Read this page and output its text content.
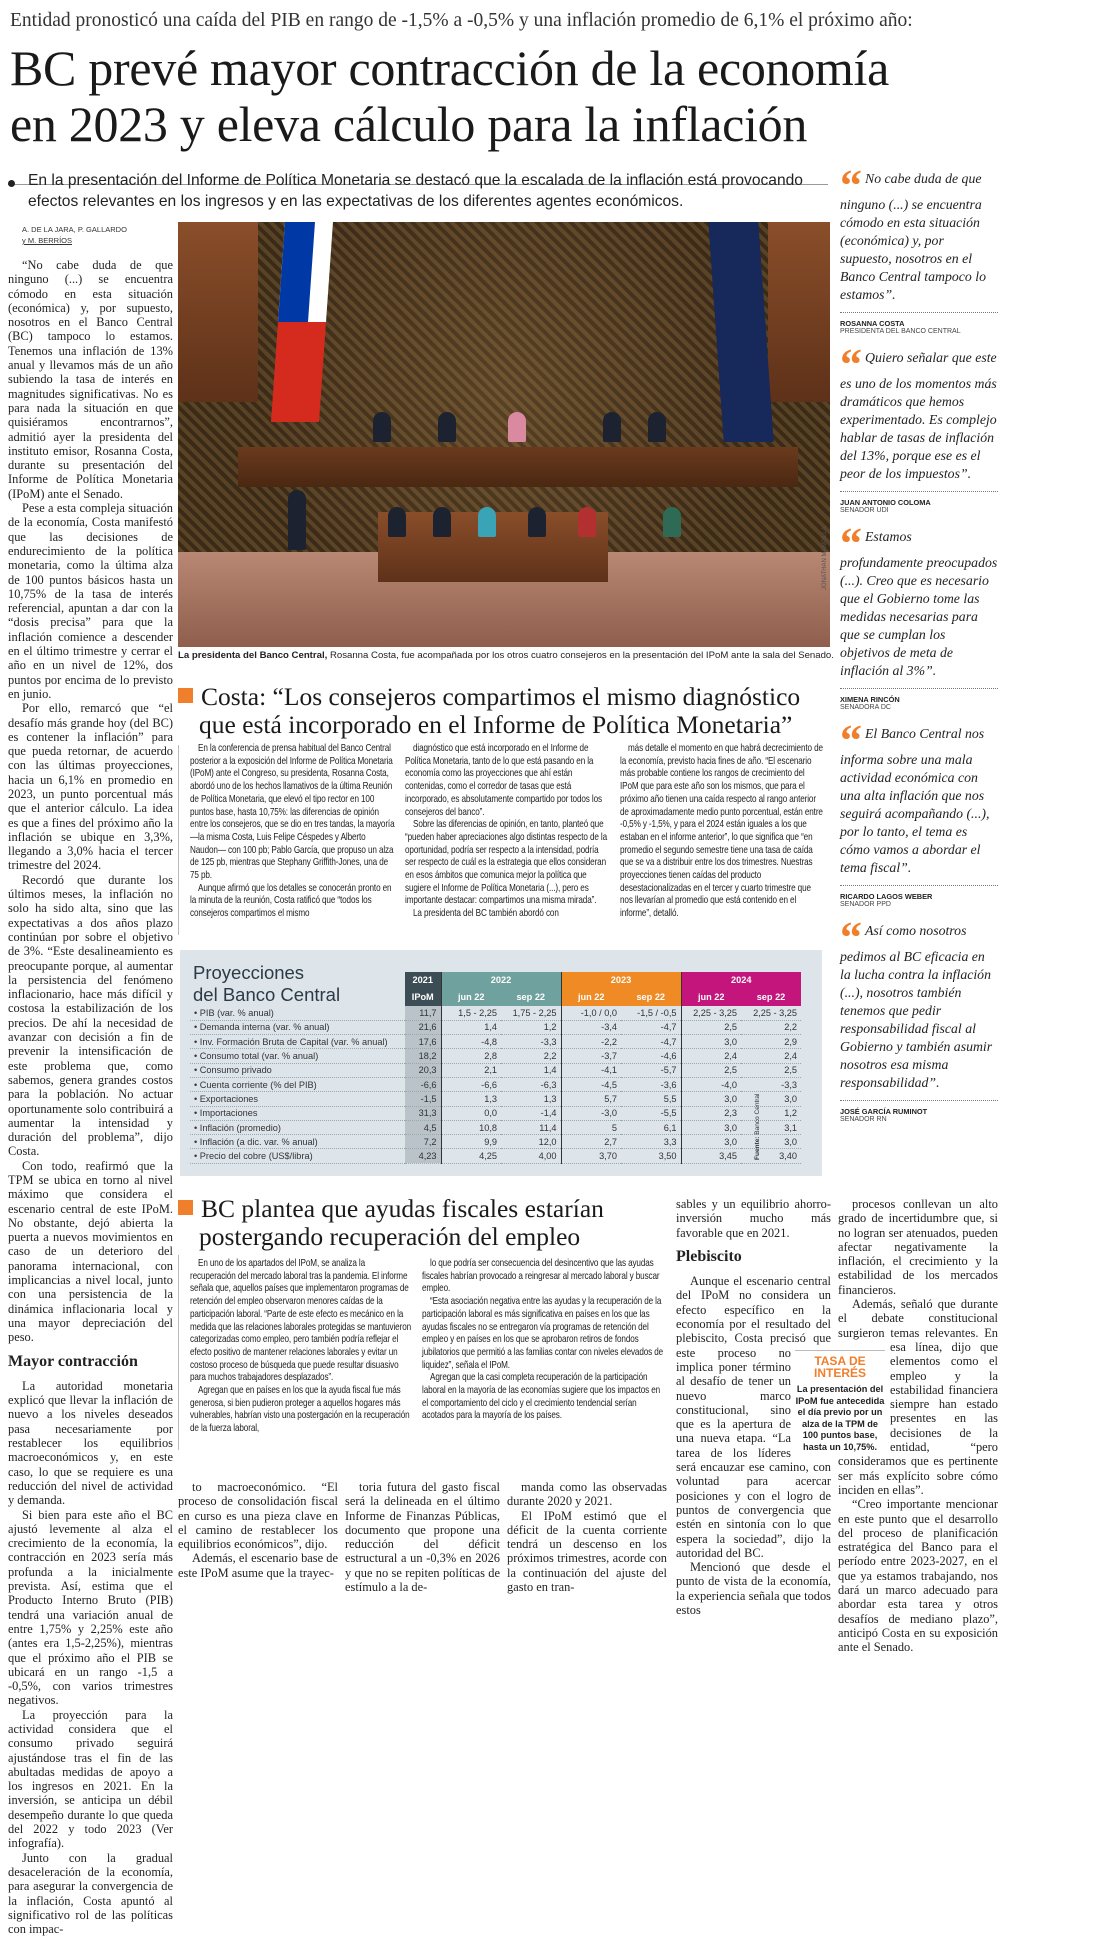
Entidad pronosticó una caída del PIB en rango de -1,5% a -0,5% y una inflación promedio de 6,1% el próximo año:
BC prevé mayor contracción de la economía
en 2023 y eleva cálculo para la inflación
En la presentación del Informe de Política Monetaria se destacó que la escalada de la inflación está provocando efectos relevantes en los ingresos y en las expectativas de los diferentes agentes económicos.
A. DE LA JARA, P. GALLARDO
y M. BERRÍOS

“No cabe duda de que ninguno (...) se encuentra cómodo en esta situación (económica) y, por supuesto, nosotros en el Banco Central (BC) tampoco lo estamos. Tenemos una inflación de 13% anual y llevamos más de un año subiendo la tasa de interés en magnitudes significativas. No es para nada la situación en que quisiéramos encontrarnos”, admitió ayer la presidenta del instituto emisor, Rosanna Costa, durante su presentación del Informe de Política Monetaria (IPoM) ante el Senado.

Pese a esta compleja situación de la economía, Costa manifestó que las decisiones de endurecimiento de la política monetaria, como la última alza de 100 puntos básicos hasta un 10,75% de la tasa de interés referencial, apuntan a dar con la “dosis precisa” para que la inflación comience a descender en el último trimestre y cerrar el año en un nivel de 12%, dos puntos por encima de lo previsto en junio.

Por ello, remarcó que “el desafío más grande hoy (del BC) es contener la inflación” para que pueda retornar, de acuerdo con las últimas proyecciones, hacia un 6,1% en promedio en 2023, un punto porcentual más que el anterior cálculo. La idea es que a fines del próximo año la inflación se ubique en 3,3%, llegando a 3,0% hacia el tercer trimestre del 2024.

Recordó que durante los últimos meses, la inflación no solo ha sido alta, sino que las expectativas a dos años plazo continúan por sobre el objetivo de 3%. “Este desalineamiento es preocupante porque, al aumentar la persistencia del fenómeno inflacionario, hace más difícil y costosa la estabilización de los precios. De ahí la necesidad de avanzar con decisión a fin de prevenir la intensificación de este problema que, como sabemos, genera grandes costos para la población. No actuar oportunamente solo contribuirá a aumentar la intensidad y duración del problema”, dijo Costa.

Con todo, reafirmó que la TPM se ubica en torno al nivel máximo que considera el escenario central de este IPoM. No obstante, dejó abierta la puerta a nuevos movimientos en caso de un deterioro del panorama internacional, con implicancias a nivel local, junto con una persistencia de la dinámica inflacionaria local y una mayor depreciación del peso.

Mayor contracción

La autoridad monetaria explicó que llevar la inflación de nuevo a los niveles deseados pasa necesariamente por restablecer los equilibrios macroeconómicos y, en este caso, lo que se requiere es una reducción del nivel de actividad y demanda.

Si bien para este año el BC ajustó levemente al alza el crecimiento de la economía, la contracción en 2023 sería más profunda a la inicialmente prevista. Así, estima que el Producto Interno Bruto (PIB) tendrá una variación anual de entre 1,75% y 2,25% este año (antes era 1,5-2,25%), mientras que el próximo año el PIB se ubicará en un rango -1,5 a -0,5%, con varios trimestres negativos.

La proyección para la actividad considera que el consumo privado seguirá ajustándose tras el fin de las abultadas medidas de apoyo a los ingresos en 2021. En la inversión, se anticipa un débil desempeño durante lo que queda del 2022 y todo 2023 (Ver infografía).

Junto con la gradual desaceleración de la economía, para asegurar la convergencia de la inflación, Costa apuntó al significativo rol de las políticas con impac-

JONATHAN MANCILLA
La presidenta del Banco Central, Rosanna Costa, fue acompañada por los otros cuatro consejeros en la presentación del IPoM ante la sala del Senado.
Costa: “Los consejeros compartimos el mismo diagnóstico
que está incorporado en el Informe de Política Monetaria”

En la conferencia de prensa habitual del Banco Central posterior a la exposición del Informe de Política Monetaria (IPoM) ante el Congreso, su presidenta, Rosanna Costa, abordó uno de los hechos llamativos de la última Reunión de Política Monetaria, que elevó el tipo rector en 100 puntos base, hasta 10,75%: las diferencias de opinión entre los consejeros, que se dio en tres tandas, la mayoría —la misma Costa, Luis Felipe Céspedes y Alberto Naudon— con 100 pb; Pablo García, que propuso un alza de 125 pb, mientras que Stephany Griffith-Jones, una de 75 pb.

Aunque afirmó que los detalles se conocerán pronto en la minuta de la reunión, Costa ratificó que “todos los consejeros compartimos el mismo

diagnóstico que está incorporado en el Informe de Política Monetaria, tanto de lo que está pasando en la economía como las proyecciones que ahí están contenidas, como el corredor de tasas que está incorporado, es absolutamente compartido por todos los consejeros del banco”.

Sobre las diferencias de opinión, en tanto, planteó que “pueden haber apreciaciones algo distintas respecto de la oportunidad, podría ser respecto a la intensidad, podría ser respecto de cuál es la estrategia que ellos consideran en esos ámbitos que comunica mejor la política que sugiere el Informe de Política Monetaria (...), pero es importante destacar: compartimos una misma mirada”.

La presidenta del BC también abordó con

más detalle el momento en que habrá decrecimiento de la economía, previsto hacia fines de año. “El escenario más probable contiene los rangos de crecimiento del IPoM que para este año son los mismos, que para el próximo año tienen una caída respecto al rango anterior de aproximadamente medio punto porcentual, están entre -0,5% y -1,5%, y para el 2024 están iguales a los que estaban en el informe anterior”, lo que significa que “en promedio el segundo semestre tiene una tasa de caída que se va a distribuir entre los dos trimestres. Nuestras proyecciones tienen caídas del producto desestacionalizadas en el tercer y cuarto trimestre que nos llevarían al promedio que está contenido en el informe”, detalló.

Proyecciones
del Banco Central
	2021	2022		2023		2024	
	IPoM	jun 22	sep 22	jun 22	sep 22	jun 22	sep 22
• PIB (var. % anual)	11,7	1,5 - 2,25	1,75 - 2,25	-1,0 / 0,0	-1,5 / -0,5	2,25 - 3,25	2,25 - 3,25
• Demanda interna (var. % anual)	21,6	1,4	1,2	-3,4	-4,7	2,5	2,2
• Inv. Formación Bruta de Capital (var. % anual)	17,6	-4,8	-3,3	-2,2	-4,7	3,0	2,9
• Consumo total (var. % anual)	18,2	2,8	2,2	-3,7	-4,6	2,4	2,4
• Consumo privado	20,3	2,1	1,4	-4,1	-5,7	2,5	2,5
• Cuenta corriente (% del PIB)	-6,6	-6,6	-6,3	-4,5	-3,6	-4,0	-3,3
• Exportaciones	-1,5	1,3	1,3	5,7	5,5	3,0	3,0
• Importaciones	31,3	0,0	-1,4	-3,0	-5,5	2,3	1,2
• Inflación (promedio)	4,5	10,8	11,4	5	6,1	3,0	3,1
• Inflación (a dic. var. % anual)	7,2	9,9	12,0	2,7	3,3	3,0	3,0
• Precio del cobre (US$/libra)	4,23	4,25	4,00	3,70	3,50	3,45	3,40
Fuente: Banco Central
BC plantea que ayudas fiscales estarían
postergando recuperación del empleo

En uno de los apartados del IPoM, se analiza la recuperación del mercado laboral tras la pandemia. El informe señala que, aquellos países que implementaron programas de retención del empleo observaron menores caídas de la participación laboral. “Parte de este efecto es mecánico en la medida que las relaciones laborales protegidas se mantuvieron categorizadas como empleo, pero también podría reflejar el efecto positivo de mantener relaciones laborales y evitar un costoso proceso de búsqueda que puede resultar disuasivo para muchos trabajadores desplazados”.

Agregan que en países en los que la ayuda fiscal fue más generosa, si bien pudieron proteger a aquellos hogares más vulnerables, habrían visto una postergación en la recuperación de la fuerza laboral,

lo que podría ser consecuencia del desincentivo que las ayudas fiscales habrían provocado a reingresar al mercado laboral y buscar empleo.

“Esta asociación negativa entre las ayudas y la recuperación de la participación laboral es más significativa en países en los que las ayudas fiscales no se entregaron vía programas de retención del empleo y en países en los que se aprobaron retiros de fondos jubilatorios que permitió a las familias contar con niveles elevados de liquidez”, señala el IPoM.

Agregan que la casi completa recuperación de la participación laboral en la mayoría de las economías sugiere que los impactos en el comportamiento del ciclo y el crecimiento tendencial serían acotados para la mayoría de los países.

to macroeconómico. “El proceso de consolidación fiscal en curso es una pieza clave en el camino de restablecer los equilibrios económicos”, dijo.

Además, el escenario base de este IPoM asume que la trayec-

toria futura del gasto fiscal será la delineada en el último Informe de Finanzas Públicas, documento que propone una reducción del déficit estructural a un -0,3% en 2026 y que no se repiten políticas de estímulo a la de-

manda como las observadas durante 2020 y 2021.

El IPoM estimó que el déficit de la cuenta corriente tendrá un descenso en los próximos trimestres, acorde con la continuación del ajuste del gasto en tran-

sables y un equilibrio ahorro-inversión mucho más favorable que en 2021.

Plebiscito

Aunque el escenario central del IPoM no considera un efecto específico en la economía por el resultado del plebiscito, Costa precisó que este proceso no implica poner término al desafío de tener un nuevo marco constitucional, sino que es la apertura de una nueva etapa. “La tarea de los líderes será encauzar ese camino, con voluntad para acercar posiciones y con el logro de puntos de convergencia que estén en sintonía con lo que espera la sociedad”, dijo la autoridad del BC.

Mencionó que desde el punto de vista de la economía, la experiencia señala que todos estos

procesos conllevan un alto grado de incertidumbre que, si no logran ser atenuados, pueden afectar negativamente la inflación, el crecimiento y la estabilidad de los mercados financieros.

Además, señaló que durante el debate constitucional surgieron temas relevantes. En esa línea, dijo que elementos como el empleo y la estabilidad financiera siempre han estado presentes en las decisiones de la entidad, “pero consideramos que es pertinente ser más explícito sobre cómo inciden en ellas”.

“Creo importante mencionar en este punto que el desarrollo del proceso de planificación estratégica del Banco para el período entre 2023-2027, en el que ya estamos trabajando, nos dará un marco adecuado para abordar esta tarea y otros desafíos de mediano plazo”, anticipó Costa en su exposición ante el Senado.

TASA DE INTERÉS
La presentación del IPoM fue antecedida el día previo por un alza de la TPM de 100 puntos base, hasta un 10,75%.
“ No cabe duda de que ninguno (...) se encuentra cómodo en esta situación (económica) y, por supuesto, nosotros en el Banco Central tampoco lo estamos”.
ROSANNA COSTA
PRESIDENTA DEL BANCO CENTRAL
“ Quiero señalar que este es uno de los momentos más dramáticos que hemos experimentado. Es complejo hablar de tasas de inflación del 13%, porque ese es el peor de los impuestos”.
JUAN ANTONIO COLOMA
SENADOR UDI
“ Estamos profundamente preocupados (...). Creo que es necesario que el Gobierno tome las medidas necesarias para que se cumplan los objetivos de meta de inflación al 3%”.
XIMENA RINCÓN
SENADORA DC
“ El Banco Central nos informa sobre una mala actividad económica con una alta inflación que nos seguirá acompañando (...), por lo tanto, el tema es cómo vamos a abordar el tema fiscal”.
RICARDO LAGOS WEBER
SENADOR PPD
“ Así como nosotros pedimos al BC eficacia en la lucha contra la inflación (...), nosotros también tenemos que pedir responsabilidad fiscal al Gobierno y también asumir nosotros esa misma responsabilidad”.
JOSÉ GARCÍA RUMINOT
SENADOR RN
